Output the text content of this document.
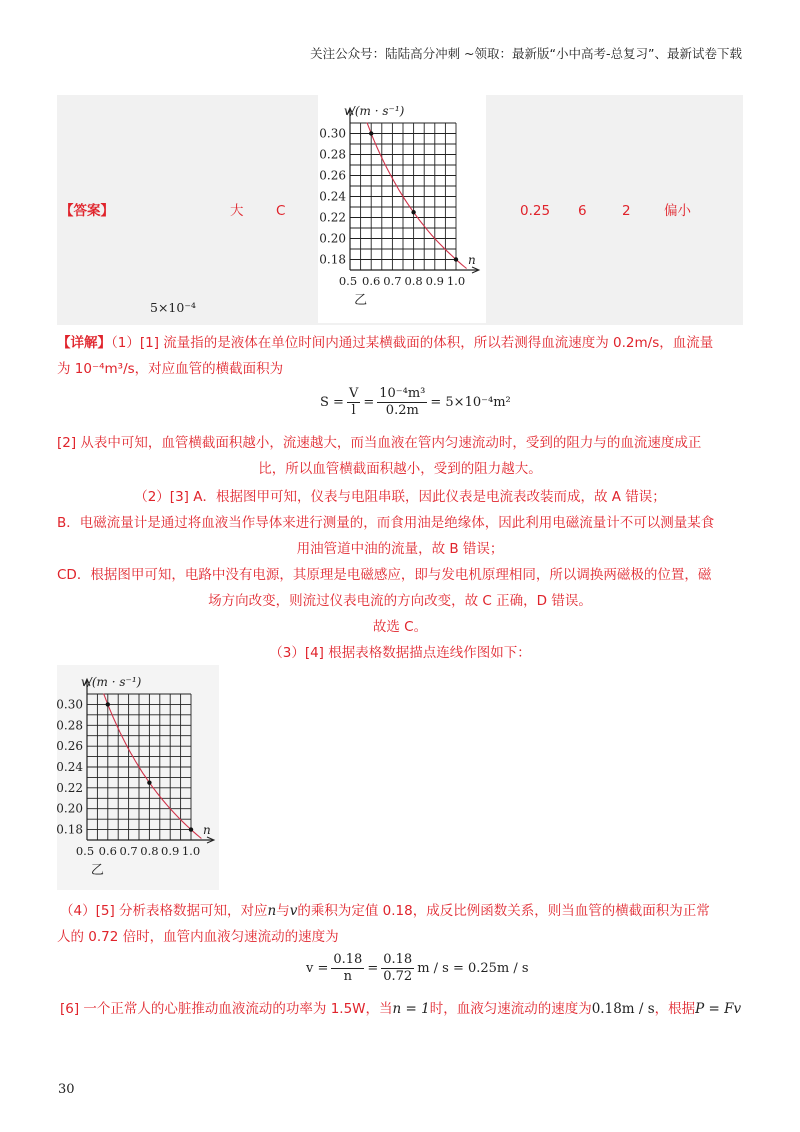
关注公众号：陆陆高分冲刺 ~领取：最新版“小中高考-总复习”、最新试卷下载
【答案】	大 C	0.25 6	2 偏小
5×10⁻⁴
0.18
0.20
0.22
0.24
0.26
0.28
0.30
0.5 0.6 0.7 0.8 0.9 1.0
v/(m · s⁻¹)
n
乙
【详解】（1）[1] 流量指的是液体在单位时间内通过某横截面的体积，所以若测得血流速度为 0.2m/s，血流量
为 10⁻⁴m³/s，对应血管的横截面积为
$S = \frac{V}{l} = \frac{\text{10⁻⁴m³}}{0.2m} = 5\times 10^{-4}m^2$
[2] 从表中可知，血管横截面积越小，流速越大，而当血液在管内匀速流动时，受到的阻力与的血流速度成正
比，所以血管横截面积越小，受到的阻力越大。
（2）[3] A．根据图甲可知，仪表与电阻串联，因此仪表是电流表改装而成，故 A 错误；
B．电磁流量计是通过将血液当作导体来进行测量的，而食用油是绝缘体，因此利用电磁流量计不可以测量某食
用油管道中油的流量，故 B 错误；
CD．根据图甲可知，电路中没有电源，其原理是电磁感应，即与发电机原理相同，所以调换两磁极的位置，磁
场方向改变，则流过仪表电流的方向改变，故 C 正确，D 错误。
故选 C。
（3）[4] 根据表格数据描点连线作图如下：
0.18
0.20
0.22
0.24
0.26
0.28
0.30
0.5 0.6 0.7 0.8 0.9 1.0
v/(m · s⁻¹)
n
乙
（4）[5] 分析表格数据可知，对应n与v的乘积为定值 0.18，成反比例函数关系，则当血管的横截面积为正常
人的 0.72 倍时，血管内血液匀速流动的速度为
$v = \frac{0.18}{n} = \frac{0.18}{0.72}$ m / s = 0.25m / s
[6] 一个正常人的心脏推动血液流动的功率为 1.5W，当n = 1时，血液匀速流动的速度为0.18m / s，根据P = Fv
30
